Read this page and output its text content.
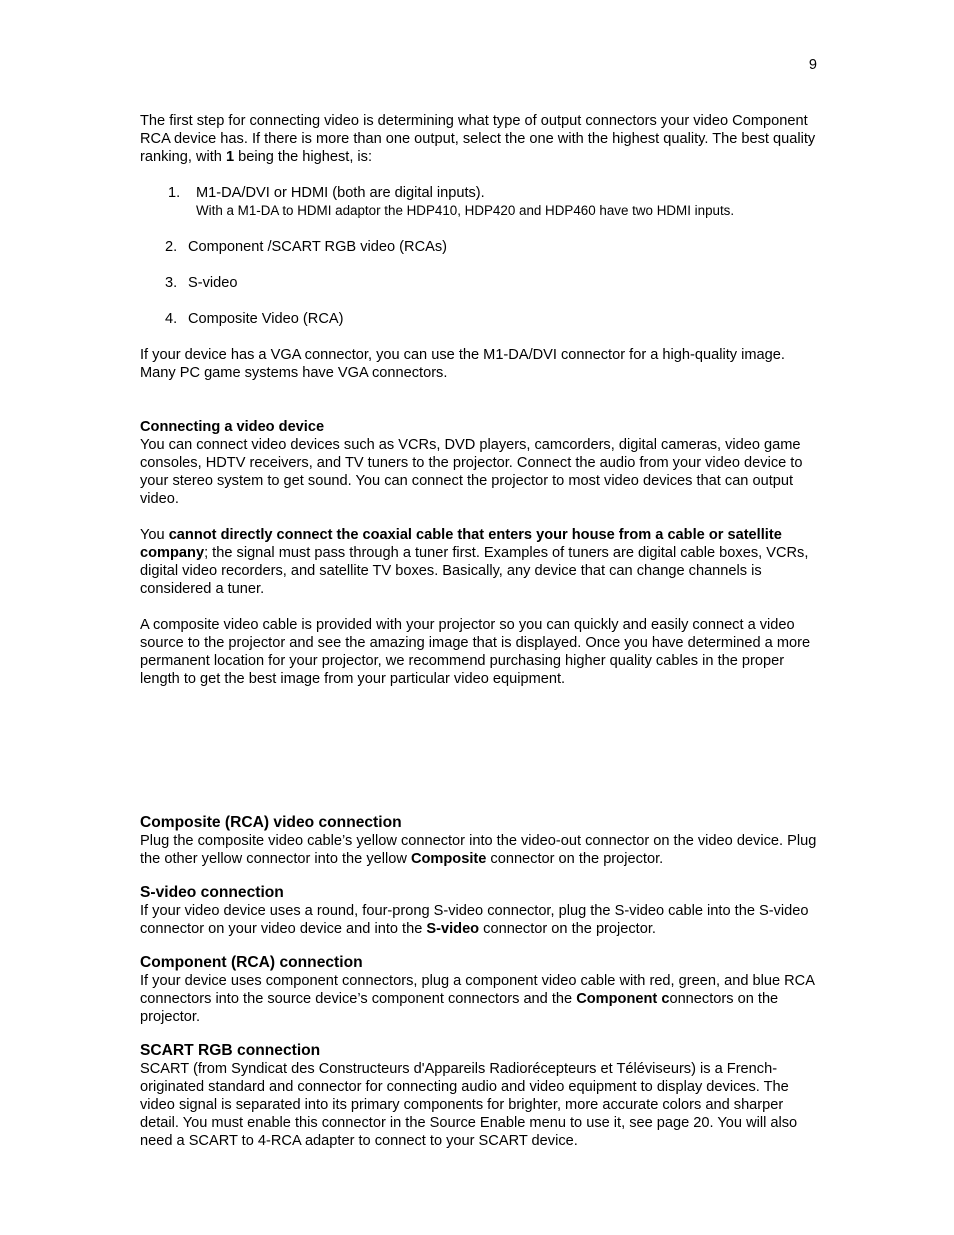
9

The first step for connecting video is determining what type of output connectors your video Component RCA device has. If there is more than one output, select the one with the highest quality. The best quality ranking, with 1 being the highest, is:

1.	M1-DA/DVI or HDMI (both are digital inputs).
With a M1-DA to HDMI adaptor the HDP410, HDP420 and HDP460 have two HDMI inputs.
2. Component /SCART RGB video (RCAs)
3. S-video
4. Composite Video (RCA)

If your device has a VGA connector, you can use the M1-DA/DVI connector for a high-quality image. Many PC game systems have VGA connectors.

Connecting a video device

You can connect video devices such as VCRs, DVD players, camcorders, digital cameras, video game consoles, HDTV receivers, and TV tuners to the projector. Connect the audio from your video device to your stereo system to get sound. You can connect the projector to most video devices that can output video.

You cannot directly connect the coaxial cable that enters your house from a cable or satellite company; the signal must pass through a tuner first. Examples of tuners are digital cable boxes, VCRs, digital video recorders, and satellite TV boxes. Basically, any device that can change channels is considered a tuner.

A composite video cable is provided with your projector so you can quickly and easily connect a video source to the projector and see the amazing image that is displayed. Once you have determined a more permanent location for your projector, we recommend purchasing higher quality cables in the proper length to get the best image from your particular video equipment.

Composite (RCA) video connection

Plug the composite video cable’s yellow connector into the video-out connector on the video device. Plug the other yellow connector into the yellow Composite connector on the projector.

S-video connection

If your video device uses a round, four-prong S-video connector, plug the S-video cable into the S-video connector on your video device and into the S-video connector on the projector.

Component (RCA) connection

If your device uses component connectors, plug a component video cable with red, green, and blue RCA connectors into the source device’s component connectors and the Component connectors on the projector.

SCART RGB connection

SCART (from Syndicat des Constructeurs d'Appareils Radiorécepteurs et Téléviseurs) is a French-originated standard and connector for connecting audio and video equipment to display devices. The video signal is separated into its primary components for brighter, more accurate colors and sharper detail. You must enable this connector in the Source Enable menu to use it, see page 20. You will also need a SCART to 4-RCA adapter to connect to your SCART device.
